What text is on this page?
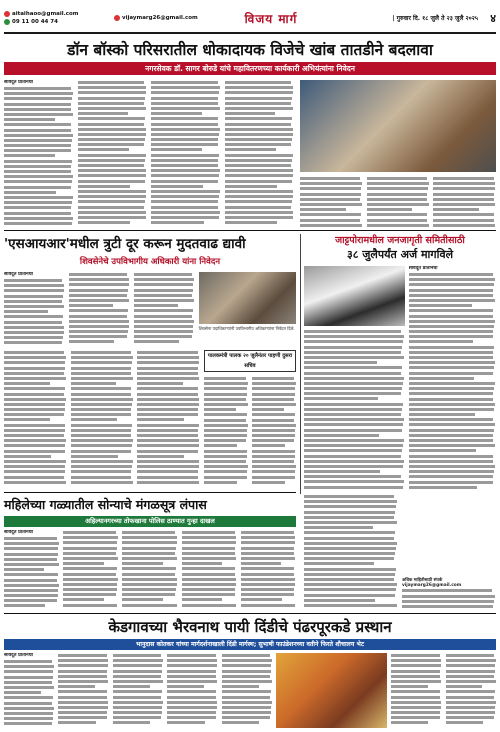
aitaihaoo@gmail.com
09 11 00 44 74
vijaymarg26@gmail.com	विजय मार्ग	| गुरुवार दि. १८ जुलै ते २३ जुलै २०२५	४
डॉन बॉस्को परिसरातील धोकादायक विजेचे खांब तातडीने बदलावा
नगरसेवक डॉ. सागर बोरुडे यांचे महावितरणच्या कार्यकारी अभियंत्यांना निवेदन
सार्वदूत प्रतिनिधी
'एसआयआर'मधील त्रुटी दूर करून मुदतवाढ द्यावी
शिवसेनेचे उपविभागीय अधिकारी यांना निवेदन
सार्वदूत प्रतिनिधी
शिवसेना पदाधिकाऱ्यांनी उपविभागीय अधिकाऱ्यांना निवेदन दिले.
जाट्टपोरामधील जनजागृती समितीसाठी
३८ जुलैपर्यंत अर्ज मागविले
सार्वदूत प्रतिनिधी
पालकमंत्री पालक २० जुलैनंतर पाहणी दुसरा सचिव
महिलेच्या गळ्यातील सोन्याचे मंगळसूत्र लंपास
अहिल्यानगरच्या तोफखाना पोलिस ठाण्यात गुन्हा दाखल
सार्वदूत प्रतिनिधी
अधिक माहितीसाठी संपर्क
vijaymarg26@gmail.com
केडगावच्या भैरवनाथ पायी दिंडीचे पंढरपूरकडे प्रस्थान
भानुदास कोतकर यांच्या मार्गदर्शनाखाली दिंडी मार्गस्थ; सुभाषी फाउंडेशनच्या वतीने फिरते शौचालय भेट
सार्वदूत प्रतिनिधी
